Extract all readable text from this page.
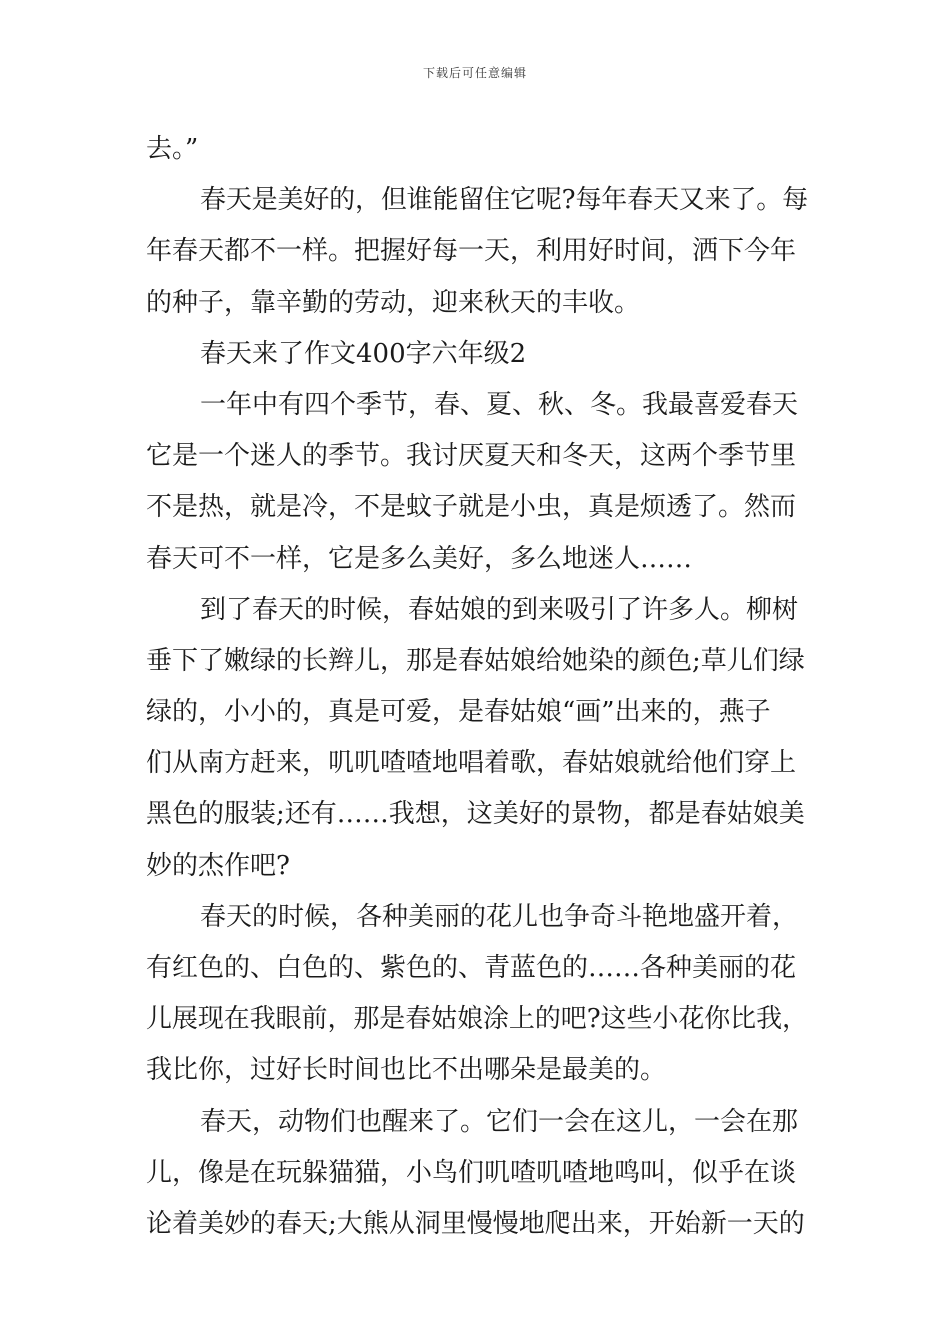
下载后可任意编辑
去。”
春天是美好的，但谁能留住它呢?每年春天又来了。每
年春天都不一样。把握好每一天，利用好时间，洒下今年
的种子，靠辛勤的劳动，迎来秋天的丰收。
春天来了作文400字六年级2
一年中有四个季节，春、夏、秋、冬。我最喜爱春天
它是一个迷人的季节。我讨厌夏天和冬天，这两个季节里
不是热，就是冷，不是蚊子就是小虫，真是烦透了。然而
春天可不一样，它是多么美好，多么地迷人……
到了春天的时候，春姑娘的到来吸引了许多人。柳树
垂下了嫩绿的长辫儿，那是春姑娘给她染的颜色;草儿们绿
绿的，小小的，真是可爱，是春姑娘“画”出来的，燕子
们从南方赶来，叽叽喳喳地唱着歌，春姑娘就给他们穿上
黑色的服装;还有……我想，这美好的景物，都是春姑娘美
妙的杰作吧?
春天的时候，各种美丽的花儿也争奇斗艳地盛开着，
有红色的、白色的、紫色的、青蓝色的……各种美丽的花
儿展现在我眼前，那是春姑娘涂上的吧?这些小花你比我，
我比你，过好长时间也比不出哪朵是最美的。
春天，动物们也醒来了。它们一会在这儿，一会在那
儿，像是在玩躲猫猫，小鸟们叽喳叽喳地鸣叫，似乎在谈
论着美妙的春天;大熊从洞里慢慢地爬出来，开始新一天的
